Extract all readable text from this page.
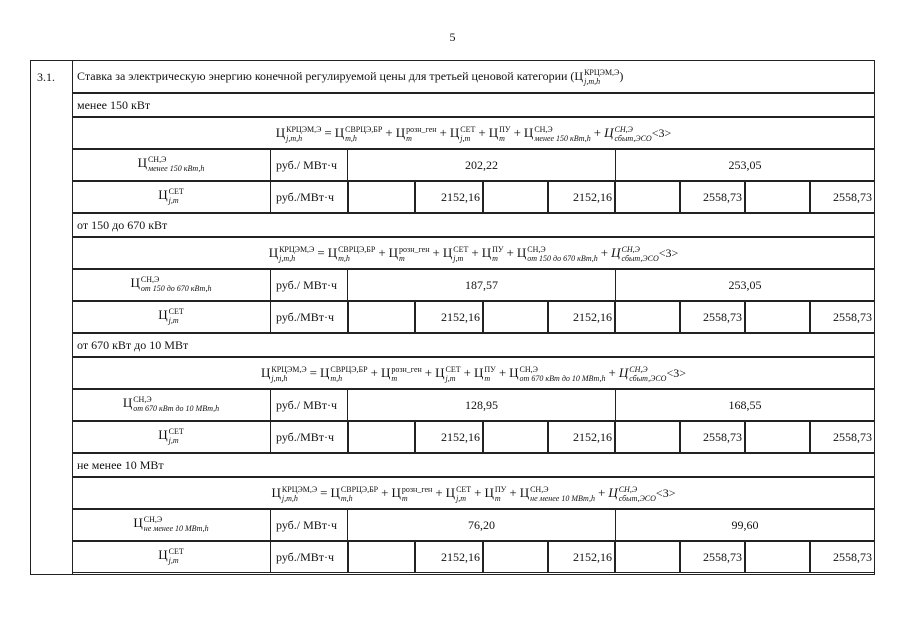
5
3.1. Ставка за электрическую энергию конечной регулируемой цены для третьей ценовой категории (Ц КРЦЭМ,Э
j,m,h	)
менее 150 кВт
Ц КРЦЭМ,Э
j,m,h	= Ц СВРЦЭ,БР
m,h	+ Ц розн_ген
m	+ Ц СЕТ
j,m + Ц ПУ
m + Ц СН,Э
менее 150 кВт,h + Ц СН,Э
сбыт,ЭСО <3>
Ц СН,Э
менее 150 кВт,h	руб./ МВт·ч	202,22	253,05
Ц СЕТ
j,m	руб./МВт·ч	2152,16	2152,16	2558,73	2558,73
от 150 до 670 кВт
Ц КРЦЭМ,Э
j,m,h	= Ц СВРЦЭ,БР
m,h	+ Ц розн_ген
m	+ Ц СЕТ
j,m + Ц ПУ
m + Ц СН,Э
от 150 до 670 кВт,h + Ц СН,Э
сбыт,ЭСО <3>
Ц СН,Э
от 150 до 670 кВт,h	руб./ МВт·ч	187,57	253,05
Ц СЕТ
j,m	руб./МВт·ч	2152,16	2152,16	2558,73	2558,73
от 670 кВт до 10 МВт
Ц КРЦЭМ,Э
j,m,h	= Ц СВРЦЭ,БР
m,h	+ Ц розн_ген
m	+ Ц СЕТ
j,m + Ц ПУ
m + Ц СН,Э
от 670 кВт до 10 МВт,h + Ц СН,Э
сбыт,ЭСО <3>
Ц СН,Э
от 670 кВт до 10 МВт,h	руб./ МВт·ч	128,95	168,55
Ц СЕТ
j,m	руб./МВт·ч	2152,16	2152,16	2558,73	2558,73
не менее 10 МВт
Ц КРЦЭМ,Э
j,m,h	= Ц СВРЦЭ,БР
m,h	+ Ц розн_ген
m	+ Ц СЕТ
j,m + Ц ПУ
m + Ц СН,Э
не менее 10 МВт,h + Ц СН,Э
сбыт,ЭСО <3>
Ц СН,Э
не менее 10 МВт,h	руб./ МВт·ч	76,20	99,60
Ц СЕТ
j,m	руб./МВт·ч	2152,16	2152,16	2558,73	2558,73
